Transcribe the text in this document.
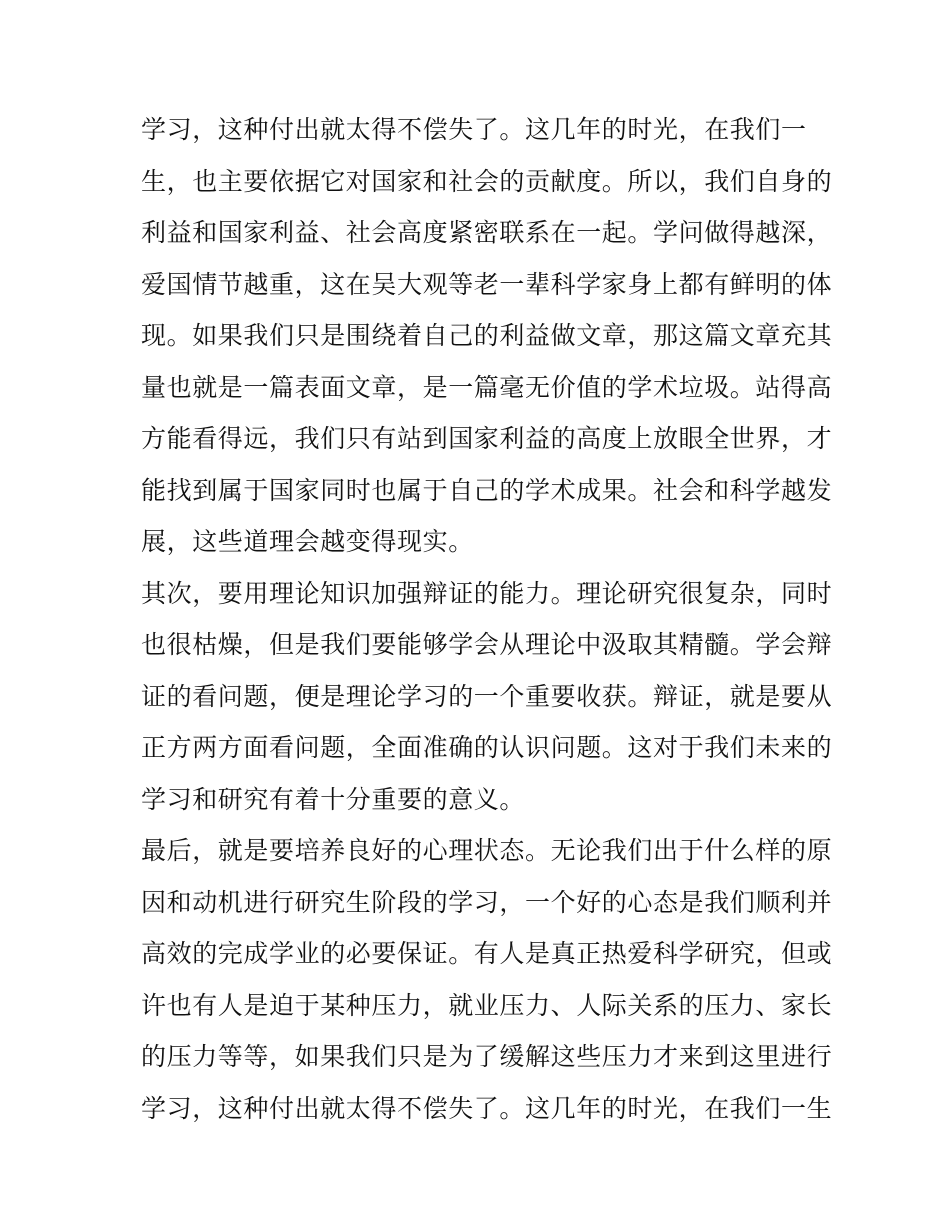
学习，这种付出就太得不偿失了。这几年的时光，在我们一
生，也主要依据它对国家和社会的贡献度。所以，我们自身的
利益和国家利益、社会高度紧密联系在一起。学问做得越深，
爱国情节越重，这在吴大观等老一辈科学家身上都有鲜明的体
现。如果我们只是围绕着自己的利益做文章，那这篇文章充其
量也就是一篇表面文章，是一篇毫无价值的学术垃圾。站得高
方能看得远，我们只有站到国家利益的高度上放眼全世界，才
能找到属于国家同时也属于自己的学术成果。社会和科学越发
展，这些道理会越变得现实。
其次，要用理论知识加强辩证的能力。理论研究很复杂，同时
也很枯燥，但是我们要能够学会从理论中汲取其精髓。学会辩
证的看问题，便是理论学习的一个重要收获。辩证，就是要从
正方两方面看问题，全面准确的认识问题。这对于我们未来的
学习和研究有着十分重要的意义。
最后，就是要培养良好的心理状态。无论我们出于什么样的原
因和动机进行研究生阶段的学习，一个好的心态是我们顺利并
高效的完成学业的必要保证。有人是真正热爱科学研究，但或
许也有人是迫于某种压力，就业压力、人际关系的压力、家长
的压力等等，如果我们只是为了缓解这些压力才来到这里进行
学习，这种付出就太得不偿失了。这几年的时光，在我们一生
